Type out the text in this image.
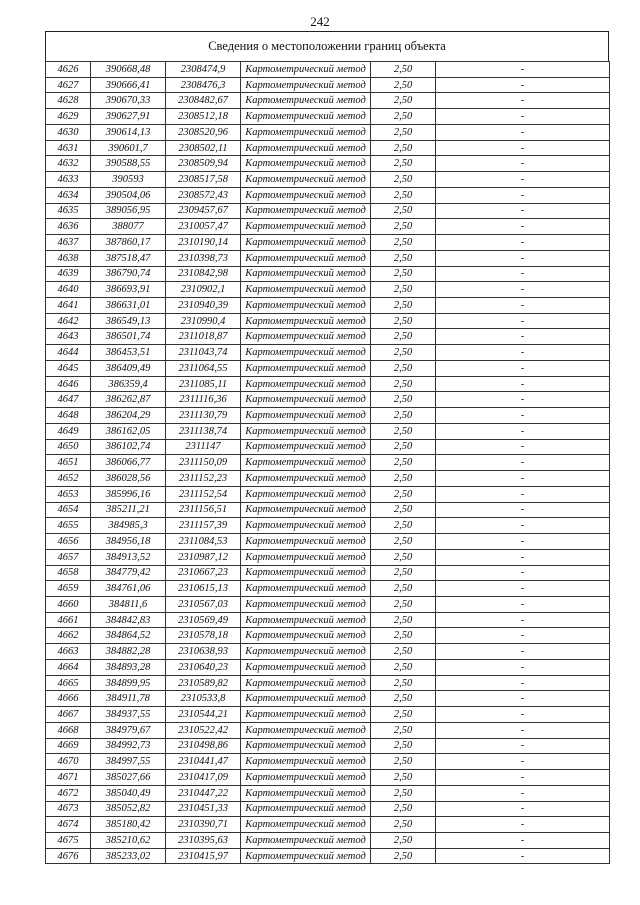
242
Сведения о местоположении границ объекта
4626	390668,48	2308474,9	Картометрический метод	2,50	-
4627	390666,41	2308476,3	Картометрический метод	2,50	-
4628	390670,33	2308482,67	Картометрический метод	2,50	-
4629	390627,91	2308512,18	Картометрический метод	2,50	-
4630	390614,13	2308520,96	Картометрический метод	2,50	-
4631	390601,7	2308502,11	Картометрический метод	2,50	-
4632	390588,55	2308509,94	Картометрический метод	2,50	-
4633	390593	2308517,58	Картометрический метод	2,50	-
4634	390504,06	2308572,43	Картометрический метод	2,50	-
4635	389056,95	2309457,67	Картометрический метод	2,50	-
4636	388077	2310057,47	Картометрический метод	2,50	-
4637	387860,17	2310190,14	Картометрический метод	2,50	-
4638	387518,47	2310398,73	Картометрический метод	2,50	-
4639	386790,74	2310842,98	Картометрический метод	2,50	-
4640	386693,91	2310902,1	Картометрический метод	2,50	-
4641	386631,01	2310940,39	Картометрический метод	2,50	-
4642	386549,13	2310990,4	Картометрический метод	2,50	-
4643	386501,74	2311018,87	Картометрический метод	2,50	-
4644	386453,51	2311043,74	Картометрический метод	2,50	-
4645	386409,49	2311064,55	Картометрический метод	2,50	-
4646	386359,4	2311085,11	Картометрический метод	2,50	-
4647	386262,87	2311116,36	Картометрический метод	2,50	-
4648	386204,29	2311130,79	Картометрический метод	2,50	-
4649	386162,05	2311138,74	Картометрический метод	2,50	-
4650	386102,74	2311147	Картометрический метод	2,50	-
4651	386066,77	2311150,09	Картометрический метод	2,50	-
4652	386028,56	2311152,23	Картометрический метод	2,50	-
4653	385996,16	2311152,54	Картометрический метод	2,50	-
4654	385211,21	2311156,51	Картометрический метод	2,50	-
4655	384985,3	2311157,39	Картометрический метод	2,50	-
4656	384956,18	2311084,53	Картометрический метод	2,50	-
4657	384913,52	2310987,12	Картометрический метод	2,50	-
4658	384779,42	2310667,23	Картометрический метод	2,50	-
4659	384761,06	2310615,13	Картометрический метод	2,50	-
4660	384811,6	2310567,03	Картометрический метод	2,50	-
4661	384842,83	2310569,49	Картометрический метод	2,50	-
4662	384864,52	2310578,18	Картометрический метод	2,50	-
4663	384882,28	2310638,93	Картометрический метод	2,50	-
4664	384893,28	2310640,23	Картометрический метод	2,50	-
4665	384899,95	2310589,82	Картометрический метод	2,50	-
4666	384911,78	2310533,8	Картометрический метод	2,50	-
4667	384937,55	2310544,21	Картометрический метод	2,50	-
4668	384979,67	2310522,42	Картометрический метод	2,50	-
4669	384992,73	2310498,86	Картометрический метод	2,50	-
4670	384997,55	2310441,47	Картометрический метод	2,50	-
4671	385027,66	2310417,09	Картометрический метод	2,50	-
4672	385040,49	2310447,22	Картометрический метод	2,50	-
4673	385052,82	2310451,33	Картометрический метод	2,50	-
4674	385180,42	2310390,71	Картометрический метод	2,50	-
4675	385210,62	2310395,63	Картометрический метод	2,50	-
4676	385233,02	2310415,97	Картометрический метод	2,50	-
